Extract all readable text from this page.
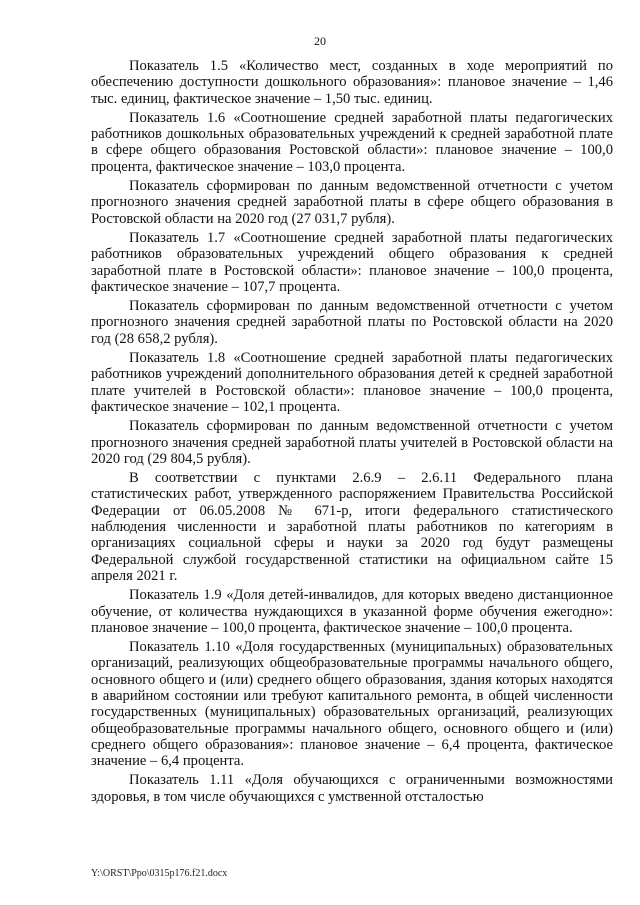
20

Показатель 1.5 «Количество мест, созданных в ходе мероприятий по обеспечению доступности дошкольного образования»: плановое значение – 1,46 тыс. единиц, фактическое значение – 1,50 тыс. единиц.

Показатель 1.6 «Соотношение средней заработной платы педагогических работников дошкольных образовательных учреждений к средней заработной плате в сфере общего образования Ростовской области»: плановое значение – 100,0 процента, фактическое значение – 103,0 процента.

Показатель сформирован по данным ведомственной отчетности с учетом прогнозного значения средней заработной платы в сфере общего образования в Ростовской области на 2020 год (27 031,7 рубля).

Показатель 1.7 «Соотношение средней заработной платы педагогических работников образовательных учреждений общего образования к средней заработной плате в Ростовской области»: плановое значение – 100,0 процента, фактическое значение – 107,7 процента.

Показатель сформирован по данным ведомственной отчетности с учетом прогнозного значения средней заработной платы по Ростовской области на 2020 год (28 658,2 рубля).

Показатель 1.8 «Соотношение средней заработной платы педагогических работников учреждений дополнительного образования детей к средней заработной плате учителей в Ростовской области»: плановое значение – 100,0 процента, фактическое значение – 102,1 процента.

Показатель сформирован по данным ведомственной отчетности с учетом прогнозного значения средней заработной платы учителей в Ростовской области на 2020 год (29 804,5 рубля).

В соответствии с пунктами 2.6.9 – 2.6.11 Федерального плана статистических работ, утвержденного распоряжением Правительства Российской Федерации от 06.05.2008 № 671-р, итоги федерального статистического наблюдения численности и заработной платы работников по категориям в организациях социальной сферы и науки за 2020 год будут размещены Федеральной службой государственной статистики на официальном сайте 15 апреля 2021 г.

Показатель 1.9 «Доля детей-инвалидов, для которых введено дистанционное обучение, от количества нуждающихся в указанной форме обучения ежегодно»: плановое значение – 100,0 процента, фактическое значение – 100,0 процента.

Показатель 1.10 «Доля государственных (муниципальных) образовательных организаций, реализующих общеобразовательные программы начального общего, основного общего и (или) среднего общего образования, здания которых находятся в аварийном состоянии или требуют капитального ремонта, в общей численности государственных (муниципальных) образовательных организаций, реализующих общеобразовательные программы начального общего, основного общего и (или) среднего общего образования»: плановое значение – 6,4 процента, фактическое значение – 6,4 процента.

Показатель 1.11 «Доля обучающихся с ограниченными возможностями здоровья, в том числе обучающихся с умственной отсталостью

Y:\ORST\Ppo\0315p176.f21.docx
